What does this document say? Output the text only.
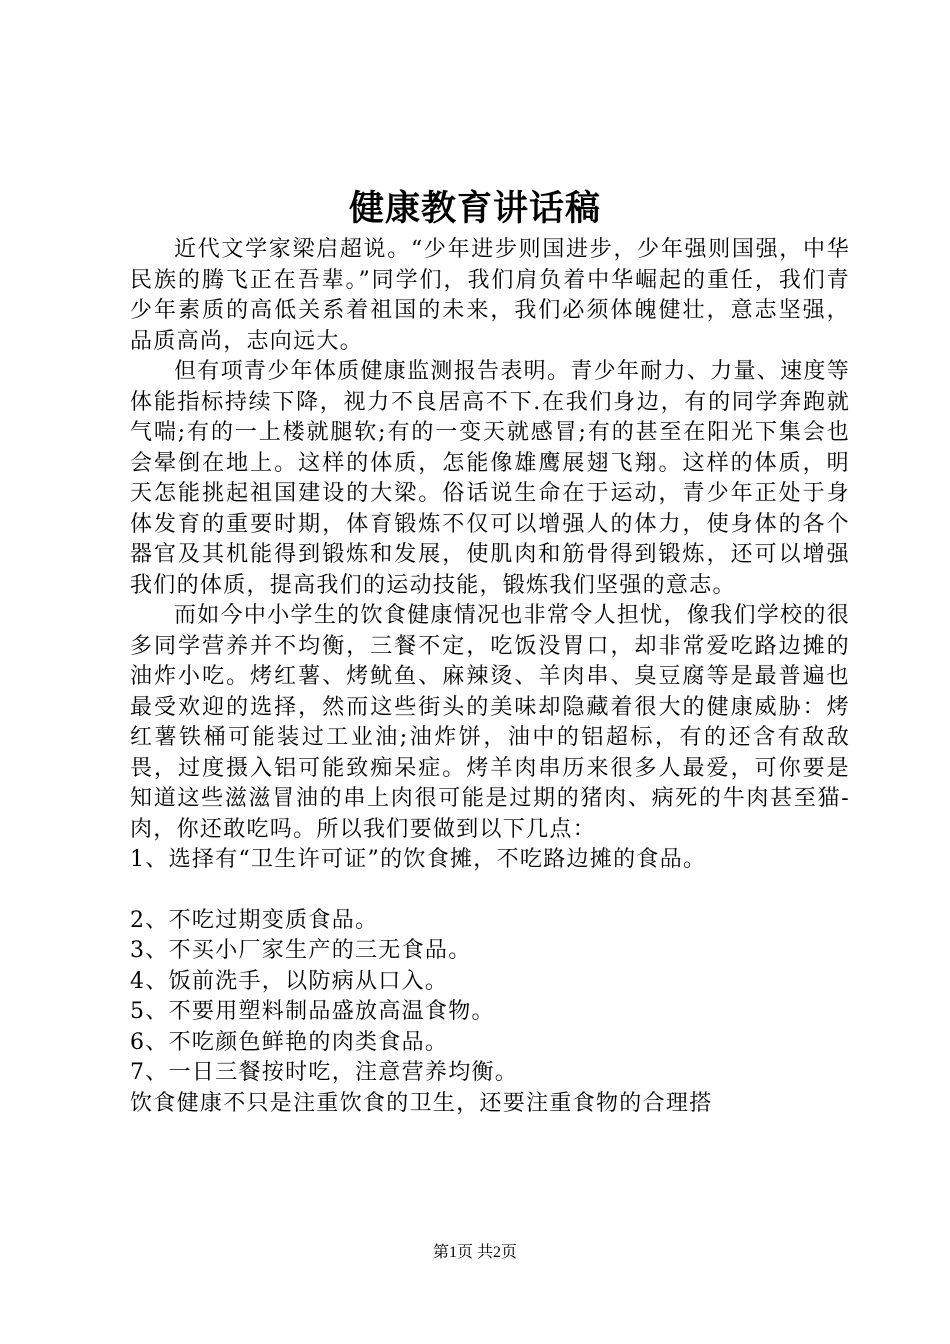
健康教育讲话稿

近代文学家梁启超说。“少年进步则国进步，少年强则国强，中华民族的腾飞正在吾辈。”同学们，我们肩负着中华崛起的重任，我们青少年素质的高低关系着祖国的未来，我们必须体魄健壮，意志坚强，品质高尚，志向远大。

但有项青少年体质健康监测报告表明。青少年耐力、力量、速度等体能指标持续下降，视力不良居高不下.在我们身边，有的同学奔跑就气喘;有的一上楼就腿软;有的一变天就感冒;有的甚至在阳光下集会也会晕倒在地上。这样的体质，怎能像雄鹰展翅飞翔。这样的体质，明天怎能挑起祖国建设的大梁。俗话说生命在于运动，青少年正处于身体发育的重要时期，体育锻炼不仅可以增强人的体力，使身体的各个器官及其机能得到锻炼和发展，使肌肉和筋骨得到锻炼，还可以增强我们的体质，提高我们的运动技能，锻炼我们坚强的意志。

而如今中小学生的饮食健康情况也非常令人担忧，像我们学校的很多同学营养并不均衡，三餐不定，吃饭没胃口，却非常爱吃路边摊的油炸小吃。烤红薯、烤鱿鱼、麻辣烫、羊肉串、臭豆腐等是最普遍也最受欢迎的选择，然而这些街头的美味却隐藏着很大的健康威胁：烤红薯铁桶可能装过工业油;油炸饼，油中的铝超标，有的还含有敌敌畏，过度摄入铝可能致痴呆症。烤羊肉串历来很多人最爱，可你要是知道这些滋滋冒油的串上肉很可能是过期的猪肉、病死的牛肉甚至猫-肉，你还敢吃吗。所以我们要做到以下几点：

1、选择有“卫生许可证”的饮食摊，不吃路边摊的食品。

2、不吃过期变质食品。

3、不买小厂家生产的三无食品。

4、饭前洗手，以防病从口入。

5、不要用塑料制品盛放高温食物。

6、不吃颜色鲜艳的肉类食品。

7、一日三餐按时吃，注意营养均衡。

饮食健康不只是注重饮食的卫生，还要注重食物的合理搭

第1页 共2页
